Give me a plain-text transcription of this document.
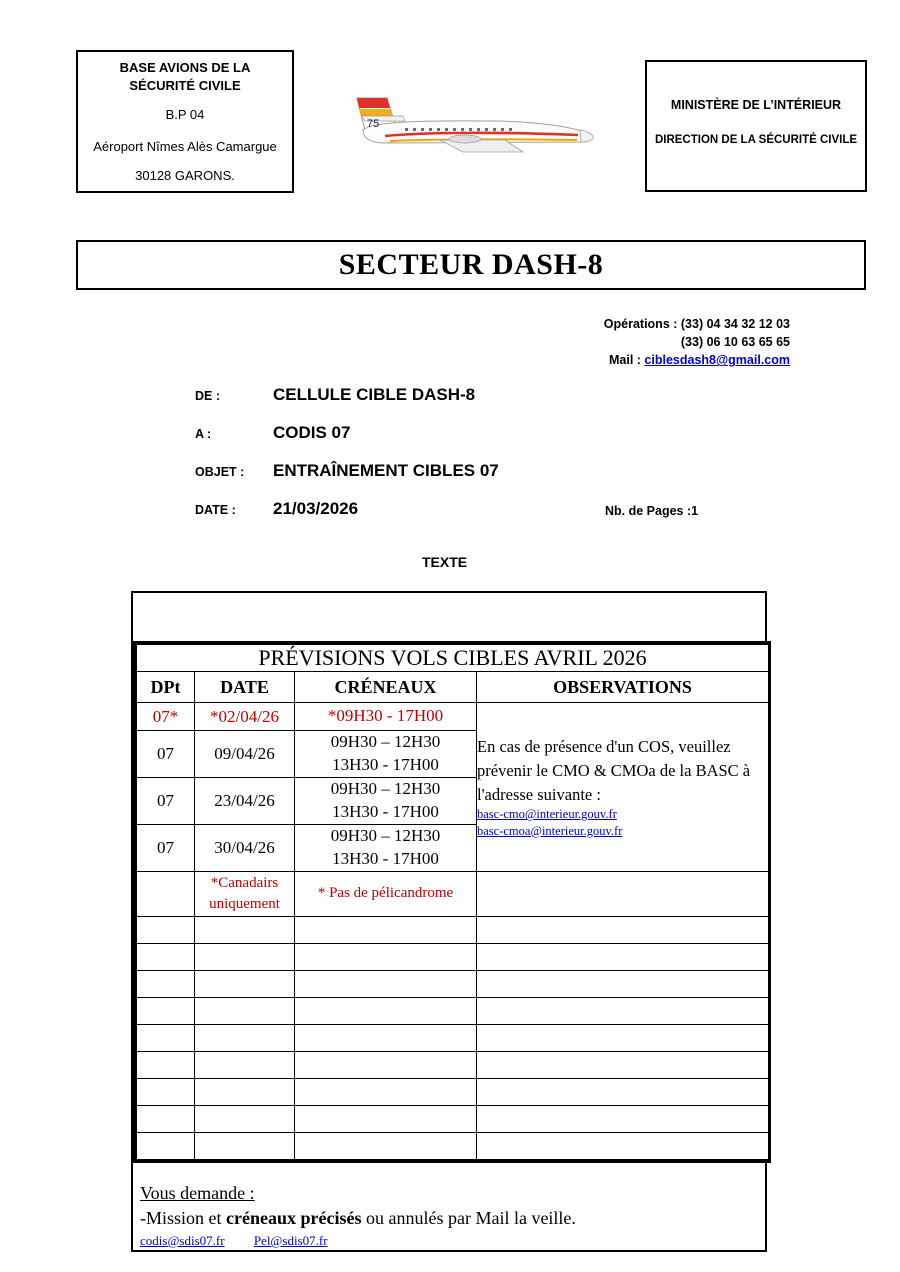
BASE AVIONS DE LA
SÉCURITÉ CIVILE
B.P 04
Aéroport Nîmes Alès Camargue
30128 GARONS.
75
MINISTÈRE DE L’INTÉRIEUR
DIRECTION DE LA SÉCURITÉ CIVILE
SECTEUR DASH-8
Opérations : (33) 04 34 32 12 03
(33) 06 10 63 65 65
Mail : ciblesdash8@gmail.com
DE :	CELLULE CIBLE DASH-8
A :	CODIS 07
OBJET : ENTRAÎNEMENT CIBLES 07
DATE : 21/03/2026	Nb. de Pages :1
TEXTE
PRÉVISIONS VOLS CIBLES AVRIL 2026			
DPt	DATE	CRÉNEAUX	OBSERVATIONS
07*	*02/04/26	*09H30 - 17H00	En cas de présence d'un COS, veuillez prévenir le CMO & CMOa de la BASC à l'adresse suivante :
basc-cmo@interieur.gouv.fr
basc-cmoa@interieur.gouv.fr

07	09/04/26	09H30 – 12H30
13H30 - 17H00	

07	23/04/26	09H30 – 12H30
13H30 - 17H00	

07	30/04/26	09H30 – 12H30
13H30 - 17H00	

	*Canadairs
uniquement	* Pas de pélicandrome	

Vous demande :
-Mission et créneaux précisés ou annulés par Mail la veille.
codis@sdis07.fr Pel@sdis07.fr
